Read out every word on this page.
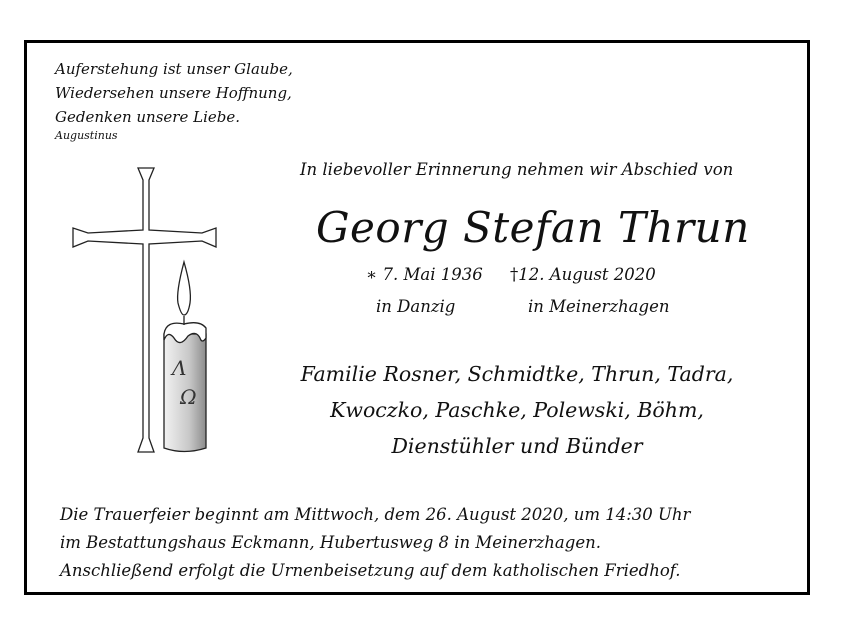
Auferstehung ist unser Glaube,
Wiedersehen unsere Hoffnung,
Gedenken unsere Liebe.
Augustinus
Λ
Ω
In liebevoller Erinnerung nehmen wir Abschied von
Georg Stefan Thrun
∗ 7. Mai 1936 †12. August 2020
in Danzig	in Meinerzhagen
Familie Rosner, Schmidtke, Thrun, Tadra,
Kwoczko, Paschke, Polewski, Böhm,
Dienstühler und Bünder
Die Trauerfeier beginnt am Mittwoch, dem 26. August 2020, um 14:30 Uhr
im Bestattungshaus Eckmann, Hubertusweg 8 in Meinerzhagen.
Anschließend erfolgt die Urnenbeisetzung auf dem katholischen Friedhof.
